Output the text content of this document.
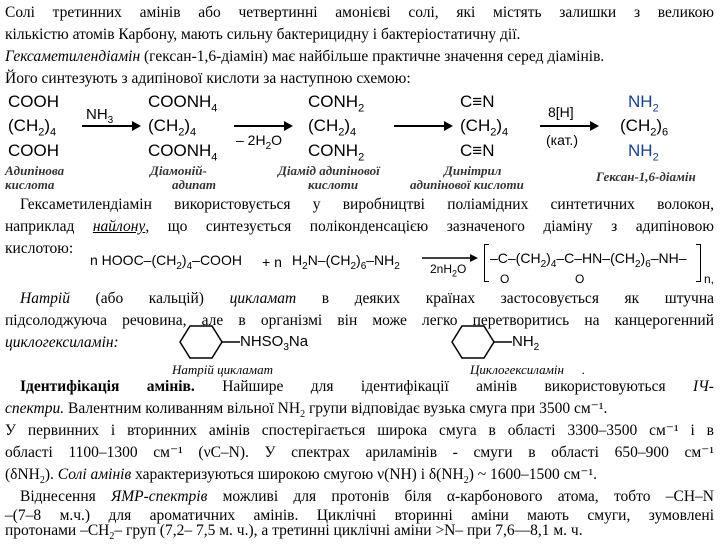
Солі третинних амінів або четвертинні амонієві солі, які містять залишки з великою
кількістю атомів Карбону, мають сильну бактерицидну і бактеріостатичну дії.
Гексаметилендіамін (гексан-1,6-діамін) має найбільше практичне значення серед діамінів.
Його синтезують з адипінової кислоти за наступною схемою:
COOH
$(CH_2)_4$
COOH
Адипінова
кислота
$NH_3$
$COONH_4$
$(CH_2)_4$
$COONH_4$
Діамоній-
адипат
– $2H_2O$
$CONH_2$
$(CH_2)_4$
$CONH_2$
Діамід адипінової
кислоти
C≡N
$(CH_2)_4$
C≡N
Динітрил
адипінової кислоти
8[H]
(кат.)
$NH_2$
$(CH_2)_6$
$NH_2$
Гексан-1,6-діамін
Гексаметилендіамін використовується у виробництві поліамідних синтетичних волокон,
наприклад найлону, що синтезується поліконденсацією зазначеного діаміну з адипіновою
кислотою:
n HOOC–$(CH_2)_4$–COOH + n $H_2N-(CH_2)_6-NH_2$	$2nH_2O$
$-C-(CH_2)_4-C-HN-(CH_2)_6-NH-$
O	O	n,
Натрій (або кальцій) цикламат в деяких країнах застосовується як штучна
підсолоджуюча речовина, але в організмі він може легко перетворитись на канцерогенний
циклогексиламін:	$NHSO_3Na$
Натрій цикламат
$NH_2$
Циклогексиламін .
Ідентифікація амінів. Найшире для ідентифікації амінів використовуються ІЧ-
спектри. Валентним коливанням вільної $NH_2$ групи відповідає вузька смуга при 3500 см⁻¹.
У первинних і вторинних амінів спостерігається широка смуга в області 3300–3500 см⁻¹ і в
області 1100–1300 см⁻¹ (νC–N). У спектрах ариламінів - смуги в області 650–900 см⁻¹
(δNH$_2$). Солі амінів характеризуються широкою смугою ν(NH) і $\delta(NH_2)$ ~ 1600–1500 см⁻¹.
Віднесення ЯМР-спектрів можливі для протонів біля α-карбонового атома, тобто –CH–N
–(7–8 м.ч.) для ароматичних амінів. Циклічні вторинні аміни мають смуги, зумовлені
протонами $-CH_2-$ груп (7,2– 7,5 м. ч.), а третинні циклічні аміни >N– при 7,6—8,1 м. ч.
